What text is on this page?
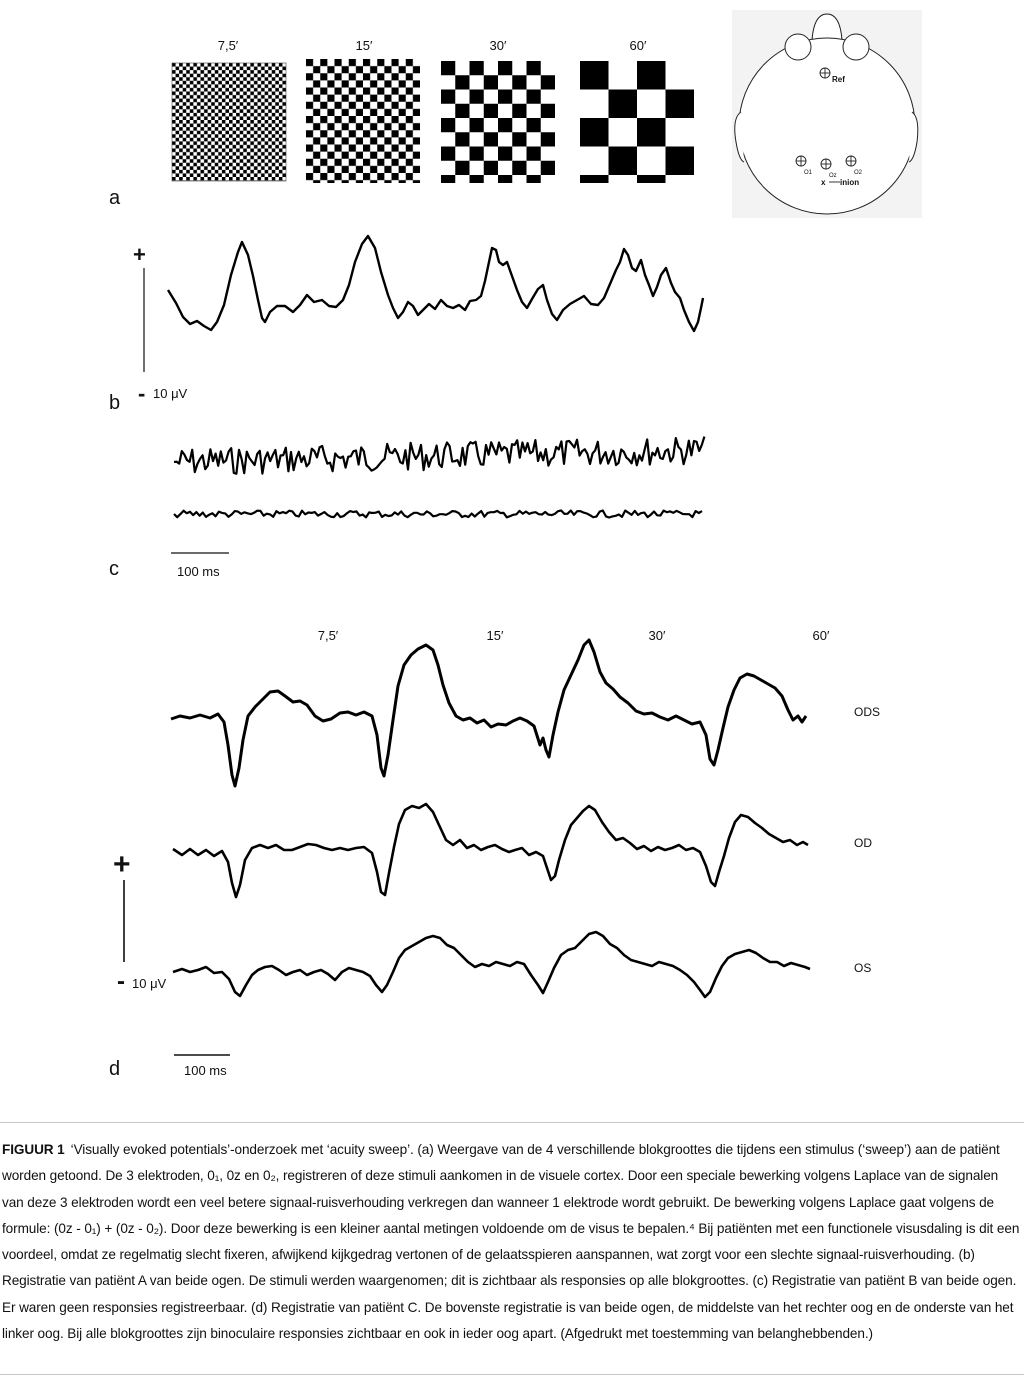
7,5′	15′	30′	60′
Ref
O1	Oz	O2
x inion
a
+
- 10 μV
b
100 ms
c
7,5′	15′	30′	60′
ODS
OD
OS
+
- 10 μV
100 ms
d
FIGUUR 1 ‘Visually evoked potentials’-onderzoek met ‘acuity sweep’. (a) Weergave van de 4 verschillende blokgroottes die tijdens een stimulus (‘sweep’) aan de patiënt worden getoond. De 3 elektroden, 0₁, 0z en 0₂, registreren of deze stimuli aankomen in de visuele cortex. Door een speciale bewerking volgens Laplace van de signalen van deze 3 elektroden wordt een veel betere signaal-ruisverhouding verkregen dan wanneer 1 elektrode wordt gebruikt. De bewerking volgens Laplace gaat volgens de formule: (0z - 0₁) + (0z - 0₂). Door deze bewerking is een kleiner aantal metingen voldoende om de visus te bepalen.⁴ Bij patiënten met een functionele visusdaling is dit een voordeel, omdat ze regelmatig slecht fixeren, afwijkend kijkgedrag vertonen of de gelaatsspieren aanspannen, wat zorgt voor een slechte signaal-ruisverhouding. (b) Registratie van patiënt A van beide ogen. De stimuli werden waargenomen; dit is zichtbaar als responsies op alle blokgroottes. (c) Registratie van patiënt B van beide ogen. Er waren geen responsies registreerbaar. (d) Registratie van patiënt C. De bovenste registratie is van beide ogen, de middelste van het rechter oog en de onderste van het linker oog. Bij alle blokgroottes zijn binoculaire responsies zichtbaar en ook in ieder oog apart. (Afgedrukt met toestemming van belanghebbenden.)
